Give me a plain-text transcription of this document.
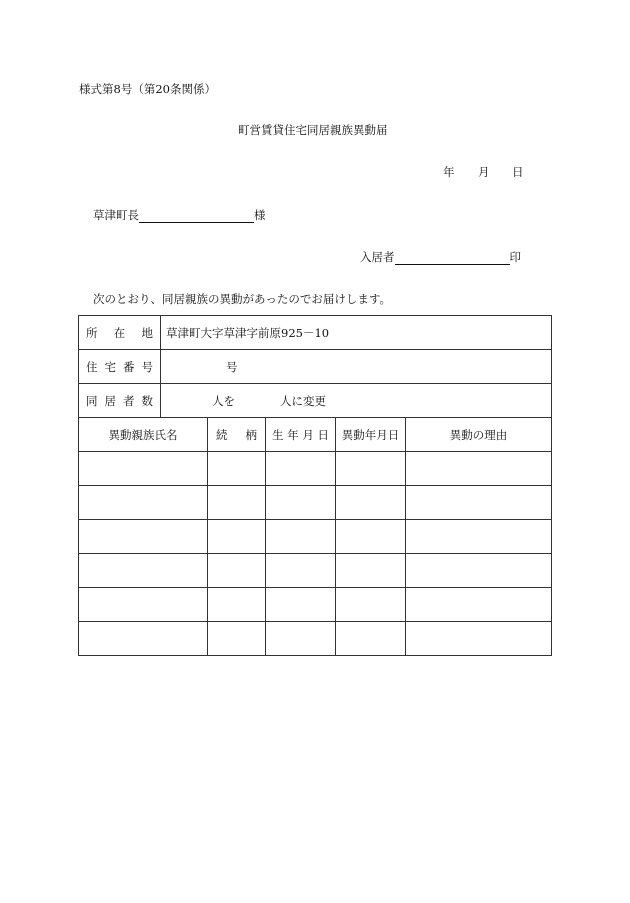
様式第8号（第20条関係）
町営賃貸住宅同居親族異動届
年 月 日
草津町長	様
入居者	印
次のとおり、同居親族の異動があったのでお届けします。
所在地	草津町大字草津字前原925－10				
住宅番号	号				
同居者数	人を 人に変更				
異動親族氏名		続 柄	生 年 月 日	異動年月日	異動の理由
